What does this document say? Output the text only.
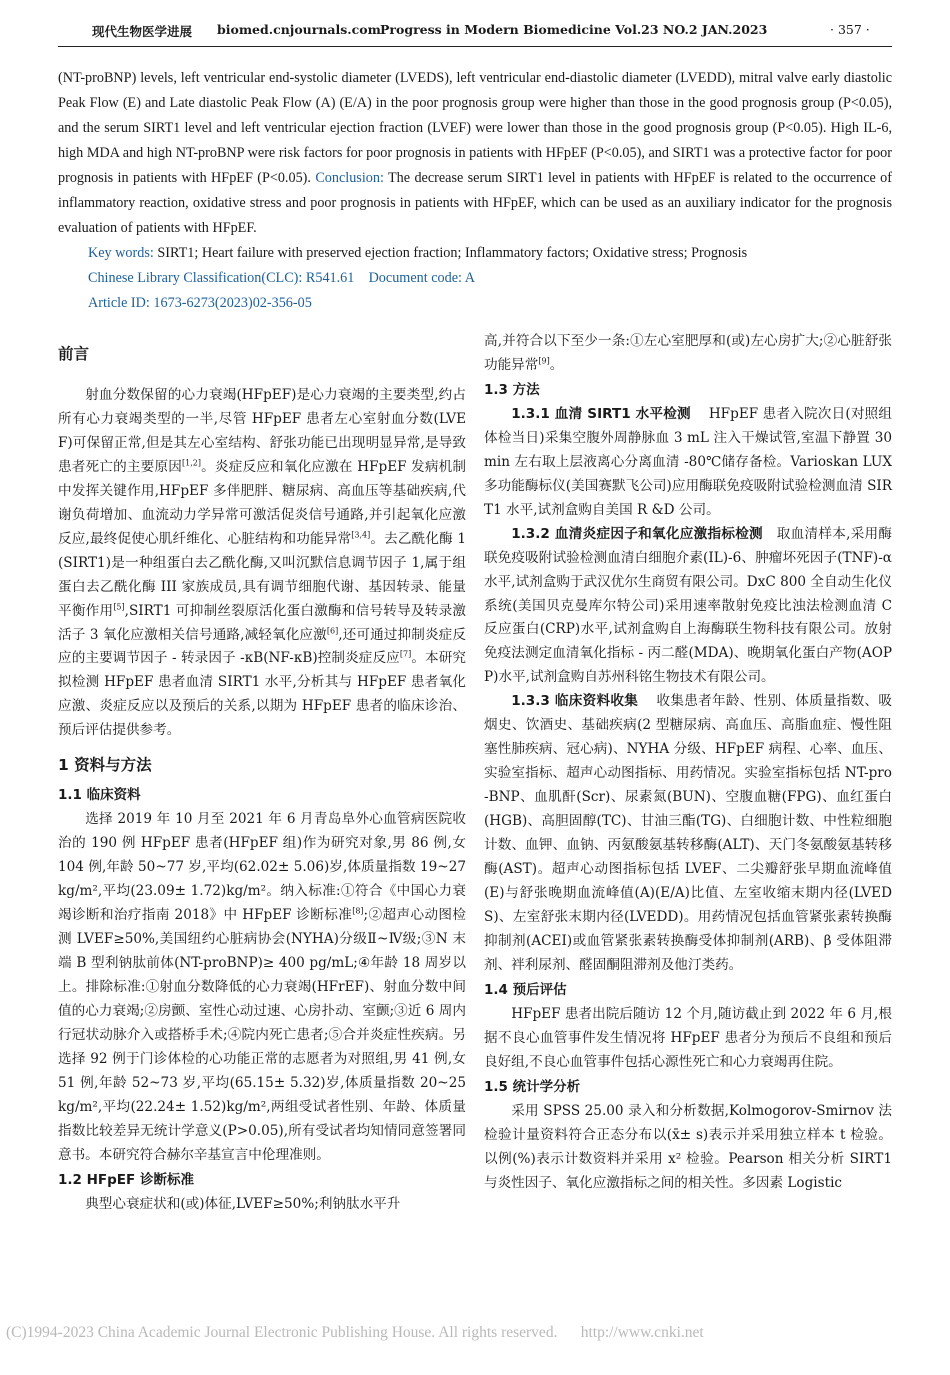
现代生物医学进展 biomed.cnjournals.com Progress in Modern Biomedicine Vol.23 NO.2 JAN.2023	· 357 ·

(NT-proBNP) levels, left ventricular end-systolic diameter (LVEDS), left ventricular end-diastolic diameter (LVEDD), mitral valve early diastolic Peak Flow (E) and Late diastolic Peak Flow (A) (E/A) in the poor prognosis group were higher than those in the good prognosis group (P<0.05), and the serum SIRT1 level and left ventricular ejection fraction (LVEF) were lower than those in the good prognosis group (P<0.05). High IL-6, high MDA and high NT-proBNP were risk factors for poor prognosis in patients with HFpEF (P<0.05), and SIRT1 was a protective factor for poor prognosis in patients with HFpEF (P<0.05). Conclusion: The decrease serum SIRT1 level in patients with HFpEF is related to the occurrence of inflammatory reaction, oxidative stress and poor prognosis in patients with HFpEF, which can be used as an auxiliary indicator for the prognosis evaluation of patients with HFpEF.

Key words: SIRT1; Heart failure with preserved ejection fraction; Inflammatory factors; Oxidative stress; Prognosis

Chinese Library Classification(CLC): R541.61 Document code: A

Article ID: 1673-6273(2023)02-356-05

前言

射血分数保留的心力衰竭(HFpEF)是心力衰竭的主要类型,约占所有心力衰竭类型的一半,尽管 HFpEF 患者左心室射血分数(LVEF)可保留正常,但是其左心室结构、舒张功能已出现明显异常,是导致患者死亡的主要原因[1,2]。炎症反应和氧化应激在 HFpEF 发病机制中发挥关键作用,HFpEF 多伴肥胖、糖尿病、高血压等基础疾病,代谢负荷增加、血流动力学异常可激活促炎信号通路,并引起氧化应激反应,最终促使心肌纤维化、心脏结构和功能异常[3,4]。去乙酰化酶 1(SIRT1)是一种组蛋白去乙酰化酶,又叫沉默信息调节因子 1,属于组蛋白去乙酰化酶 III 家族成员,具有调节细胞代谢、基因转录、能量平衡作用[5],SIRT1 可抑制丝裂原活化蛋白激酶和信号转导及转录激活子 3 氧化应激相关信号通路,减轻氧化应激[6],还可通过抑制炎症反应的主要调节因子 - 转录因子 -κB(NF-κB)控制炎症反应[7]。本研究拟检测 HFpEF 患者血清 SIRT1 水平,分析其与 HFpEF 患者氧化应激、炎症反应以及预后的关系,以期为 HFpEF 患者的临床诊治、预后评估提供参考。

1 资料与方法
1.1 临床资料

选择 2019 年 10 月至 2021 年 6 月青岛阜外心血管病医院收治的 190 例 HFpEF 患者(HFpEF 组)作为研究对象,男 86 例,女 104 例,年龄 50~77 岁,平均(62.02± 5.06)岁,体质量指数 19~27 kg/m²,平均(23.09± 1.72)kg/m²。纳入标准:①符合《中国心力衰竭诊断和治疗指南 2018》中 HFpEF 诊断标准[8];②超声心动图检测 LVEF≥50%,美国纽约心脏病协会(NYHA)分级Ⅱ~Ⅳ级;③N 末端 B 型利钠肽前体(NT-proBNP)≥ 400 pg/mL;④年龄 18 周岁以上。排除标准:①射血分数降低的心力衰竭(HFrEF)、射血分数中间值的心力衰竭;②房颤、室性心动过速、心房扑动、室颤;③近 6 周内行冠状动脉介入或搭桥手术;④院内死亡患者;⑤合并炎症性疾病。另选择 92 例于门诊体检的心功能正常的志愿者为对照组,男 41 例,女 51 例,年龄 52~73 岁,平均(65.15± 5.32)岁,体质量指数 20~25 kg/m²,平均(22.24± 1.52)kg/m²,两组受试者性别、年龄、体质量指数比较差异无统计学意义(P>0.05),所有受试者均知情同意签署同意书。本研究符合赫尔辛基宣言中伦理准则。

1.2 HFpEF 诊断标准

典型心衰症状和(或)体征,LVEF≥50%;利钠肽水平升

高,并符合以下至少一条:①左心室肥厚和(或)左心房扩大;②心脏舒张功能异常[9]。

1.3 方法

1.3.1 血清 SIRT1 水平检测 HFpEF 患者入院次日(对照组体检当日)采集空腹外周静脉血 3 mL 注入干燥试管,室温下静置 30 min 左右取上层液离心分离血清 -80℃储存备检。Varioskan LUX 多功能酶标仪(美国赛默飞公司)应用酶联免疫吸附试验检测血清 SIRT1 水平,试剂盒购自美国 R &D 公司。

1.3.2 血清炎症因子和氧化应激指标检测 取血清样本,采用酶联免疫吸附试验检测血清白细胞介素(IL)-6、肿瘤坏死因子(TNF)-α 水平,试剂盒购于武汉优尔生商贸有限公司。DxC 800 全自动生化仪系统(美国贝克曼库尔特公司)采用速率散射免疫比浊法检测血清 C 反应蛋白(CRP)水平,试剂盒购自上海酶联生物科技有限公司。放射免疫法测定血清氧化指标 - 丙二醛(MDA)、晚期氧化蛋白产物(AOPP)水平,试剂盒购自苏州科铭生物技术有限公司。

1.3.3 临床资料收集 收集患者年龄、性别、体质量指数、吸烟史、饮酒史、基础疾病(2 型糖尿病、高血压、高脂血症、慢性阻塞性肺疾病、冠心病)、NYHA 分级、HFpEF 病程、心率、血压、实验室指标、超声心动图指标、用药情况。实验室指标包括 NT-pro-BNP、血肌酐(Scr)、尿素氮(BUN)、空腹血糖(FPG)、血红蛋白(HGB)、高胆固醇(TC)、甘油三酯(TG)、白细胞计数、中性粒细胞计数、血钾、血钠、丙氨酸氨基转移酶(ALT)、天门冬氨酸氨基转移酶(AST)。超声心动图指标包括 LVEF、二尖瓣舒张早期血流峰值(E)与舒张晚期血流峰值(A)(E/A)比值、左室收缩末期内径(LVEDS)、左室舒张末期内径(LVEDD)。用药情况包括血管紧张素转换酶抑制剂(ACEI)或血管紧张素转换酶受体抑制剂(ARB)、β 受体阻滞剂、袢利尿剂、醛固酮阻滞剂及他汀类药。

1.4 预后评估

HFpEF 患者出院后随访 12 个月,随访截止到 2022 年 6 月,根据不良心血管事件发生情况将 HFpEF 患者分为预后不良组和预后良好组,不良心血管事件包括心源性死亡和心力衰竭再住院。

1.5 统计学分析

采用 SPSS 25.00 录入和分析数据,Kolmogorov-Smirnov 法检验计量资料符合正态分布以(x̄± s)表示并采用独立样本 t 检验。以例(%)表示计数资料并采用 x² 检验。Pearson 相关分析 SIRT1 与炎性因子、氧化应激指标之间的相关性。多因素 Logistic

(C)1994-2023 China Academic Journal Electronic Publishing House. All rights reserved. http://www.cnki.net
